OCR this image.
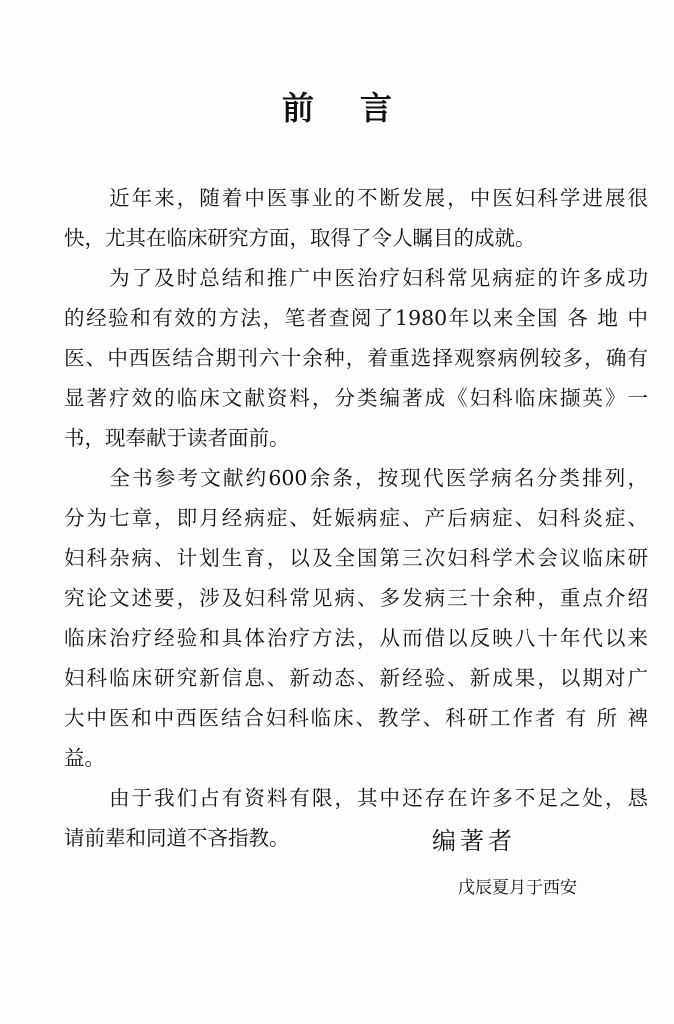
前言
　　近年来，随着中医事业的不断发展，中医妇科学进展很
快，尤其在临床研究方面，取得了令人瞩目的成就。
　　为了及时总结和推广中医治疗妇科常见病症的许多成功
的经验和有效的方法，笔者查阅了1980年以来全国 各 地 中
医、中西医结合期刊六十余种，着重选择观察病例较多，确有
显著疗效的临床文献资料，分类编著成《妇科临床撷英》一
书，现奉献于读者面前。
　　全书参考文献约600余条，按现代医学病名分类排列，
分为七章，即月经病症、妊娠病症、产后病症、妇科炎症、
妇科杂病、计划生育，以及全国第三次妇科学术会议临床研
究论文述要，涉及妇科常见病、多发病三十余种，重点介绍
临床治疗经验和具体治疗方法，从而借以反映八十年代以来
妇科临床研究新信息、新动态、新经验、新成果，以期对广
大中医和中西医结合妇科临床、教学、科研工作者 有 所 裨
益。
　　由于我们占有资料有限，其中还存在许多不足之处，恳
请前辈和同道不吝指教。	编著者
戊辰夏月于西安
